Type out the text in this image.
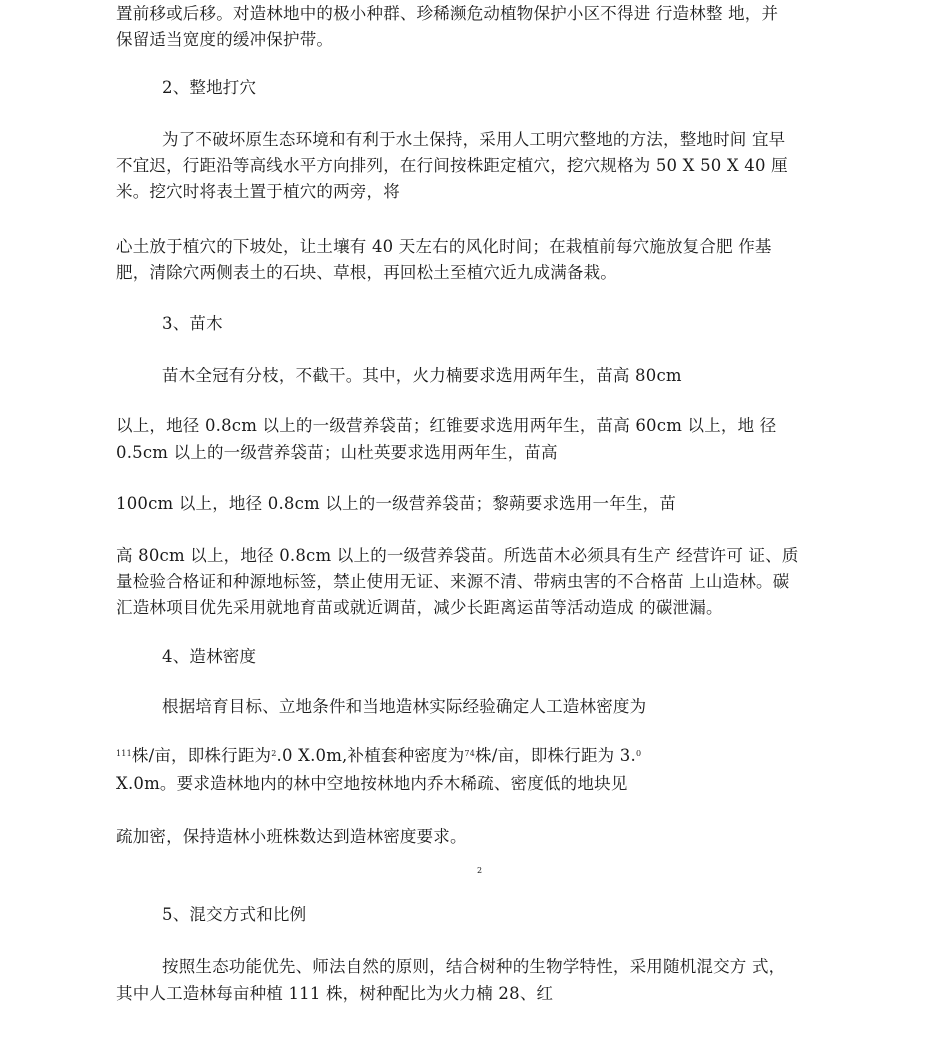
置前移或后移。对造林地中的极小种群、珍稀濒危动植物保护小区不得进 行造林整 地，并
保留适当宽度的缓冲保护带。
2、整地打穴
为了不破坏原生态环境和有利于水土保持，采用人工明穴整地的方法，整地时间 宜早
不宜迟，行距沿等高线水平方向排列，在行间按株距定植穴，挖穴规格为 50 X 50 X 40 厘
米。挖穴时将表土置于植穴的两旁，将
心土放于植穴的下坡处，让土壤有 40 天左右的风化时间；在栽植前每穴施放复合肥 作基
肥，清除穴两侧表土的石块、草根，再回松土至植穴近九成满备栽。
3、苗木
苗木全冠有分枝，不截干。其中，火力楠要求选用两年生，苗高 80cm
以上，地径 0.8cm 以上的一级营养袋苗；红锥要求选用两年生，苗高 60cm 以上，地 径
0.5cm 以上的一级营养袋苗；山杜英要求选用两年生，苗高
100cm 以上，地径 0.8cm 以上的一级营养袋苗；黎蒴要求选用一年生，苗
高 80cm 以上，地径 0.8cm 以上的一级营养袋苗。所选苗木必须具有生产 经营许可 证、质
量检验合格证和种源地标签，禁止使用无证、来源不清、带病虫害的不合格苗 上山造林。碳
汇造林项目优先采用就地育苗或就近调苗，减少长距离运苗等活动造成 的碳泄漏。
4、造林密度
根据培育目标、立地条件和当地造林实际经验确定人工造林密度为
$^{111}$株/亩，即株行距为$^2$.0 X.0m,补植套种密度为$^{74}$株/亩，即株行距为 3.$^0$
X.0m。要求造林地内的林中空地按林地内乔木稀疏、密度低的地块见
疏加密，保持造林小班株数达到造林密度要求。
2
5、混交方式和比例
按照生态功能优先、师法自然的原则，结合树种的生物学特性，采用随机混交方 式，
其中人工造林每亩种植 111 株，树种配比为火力楠 28、红
